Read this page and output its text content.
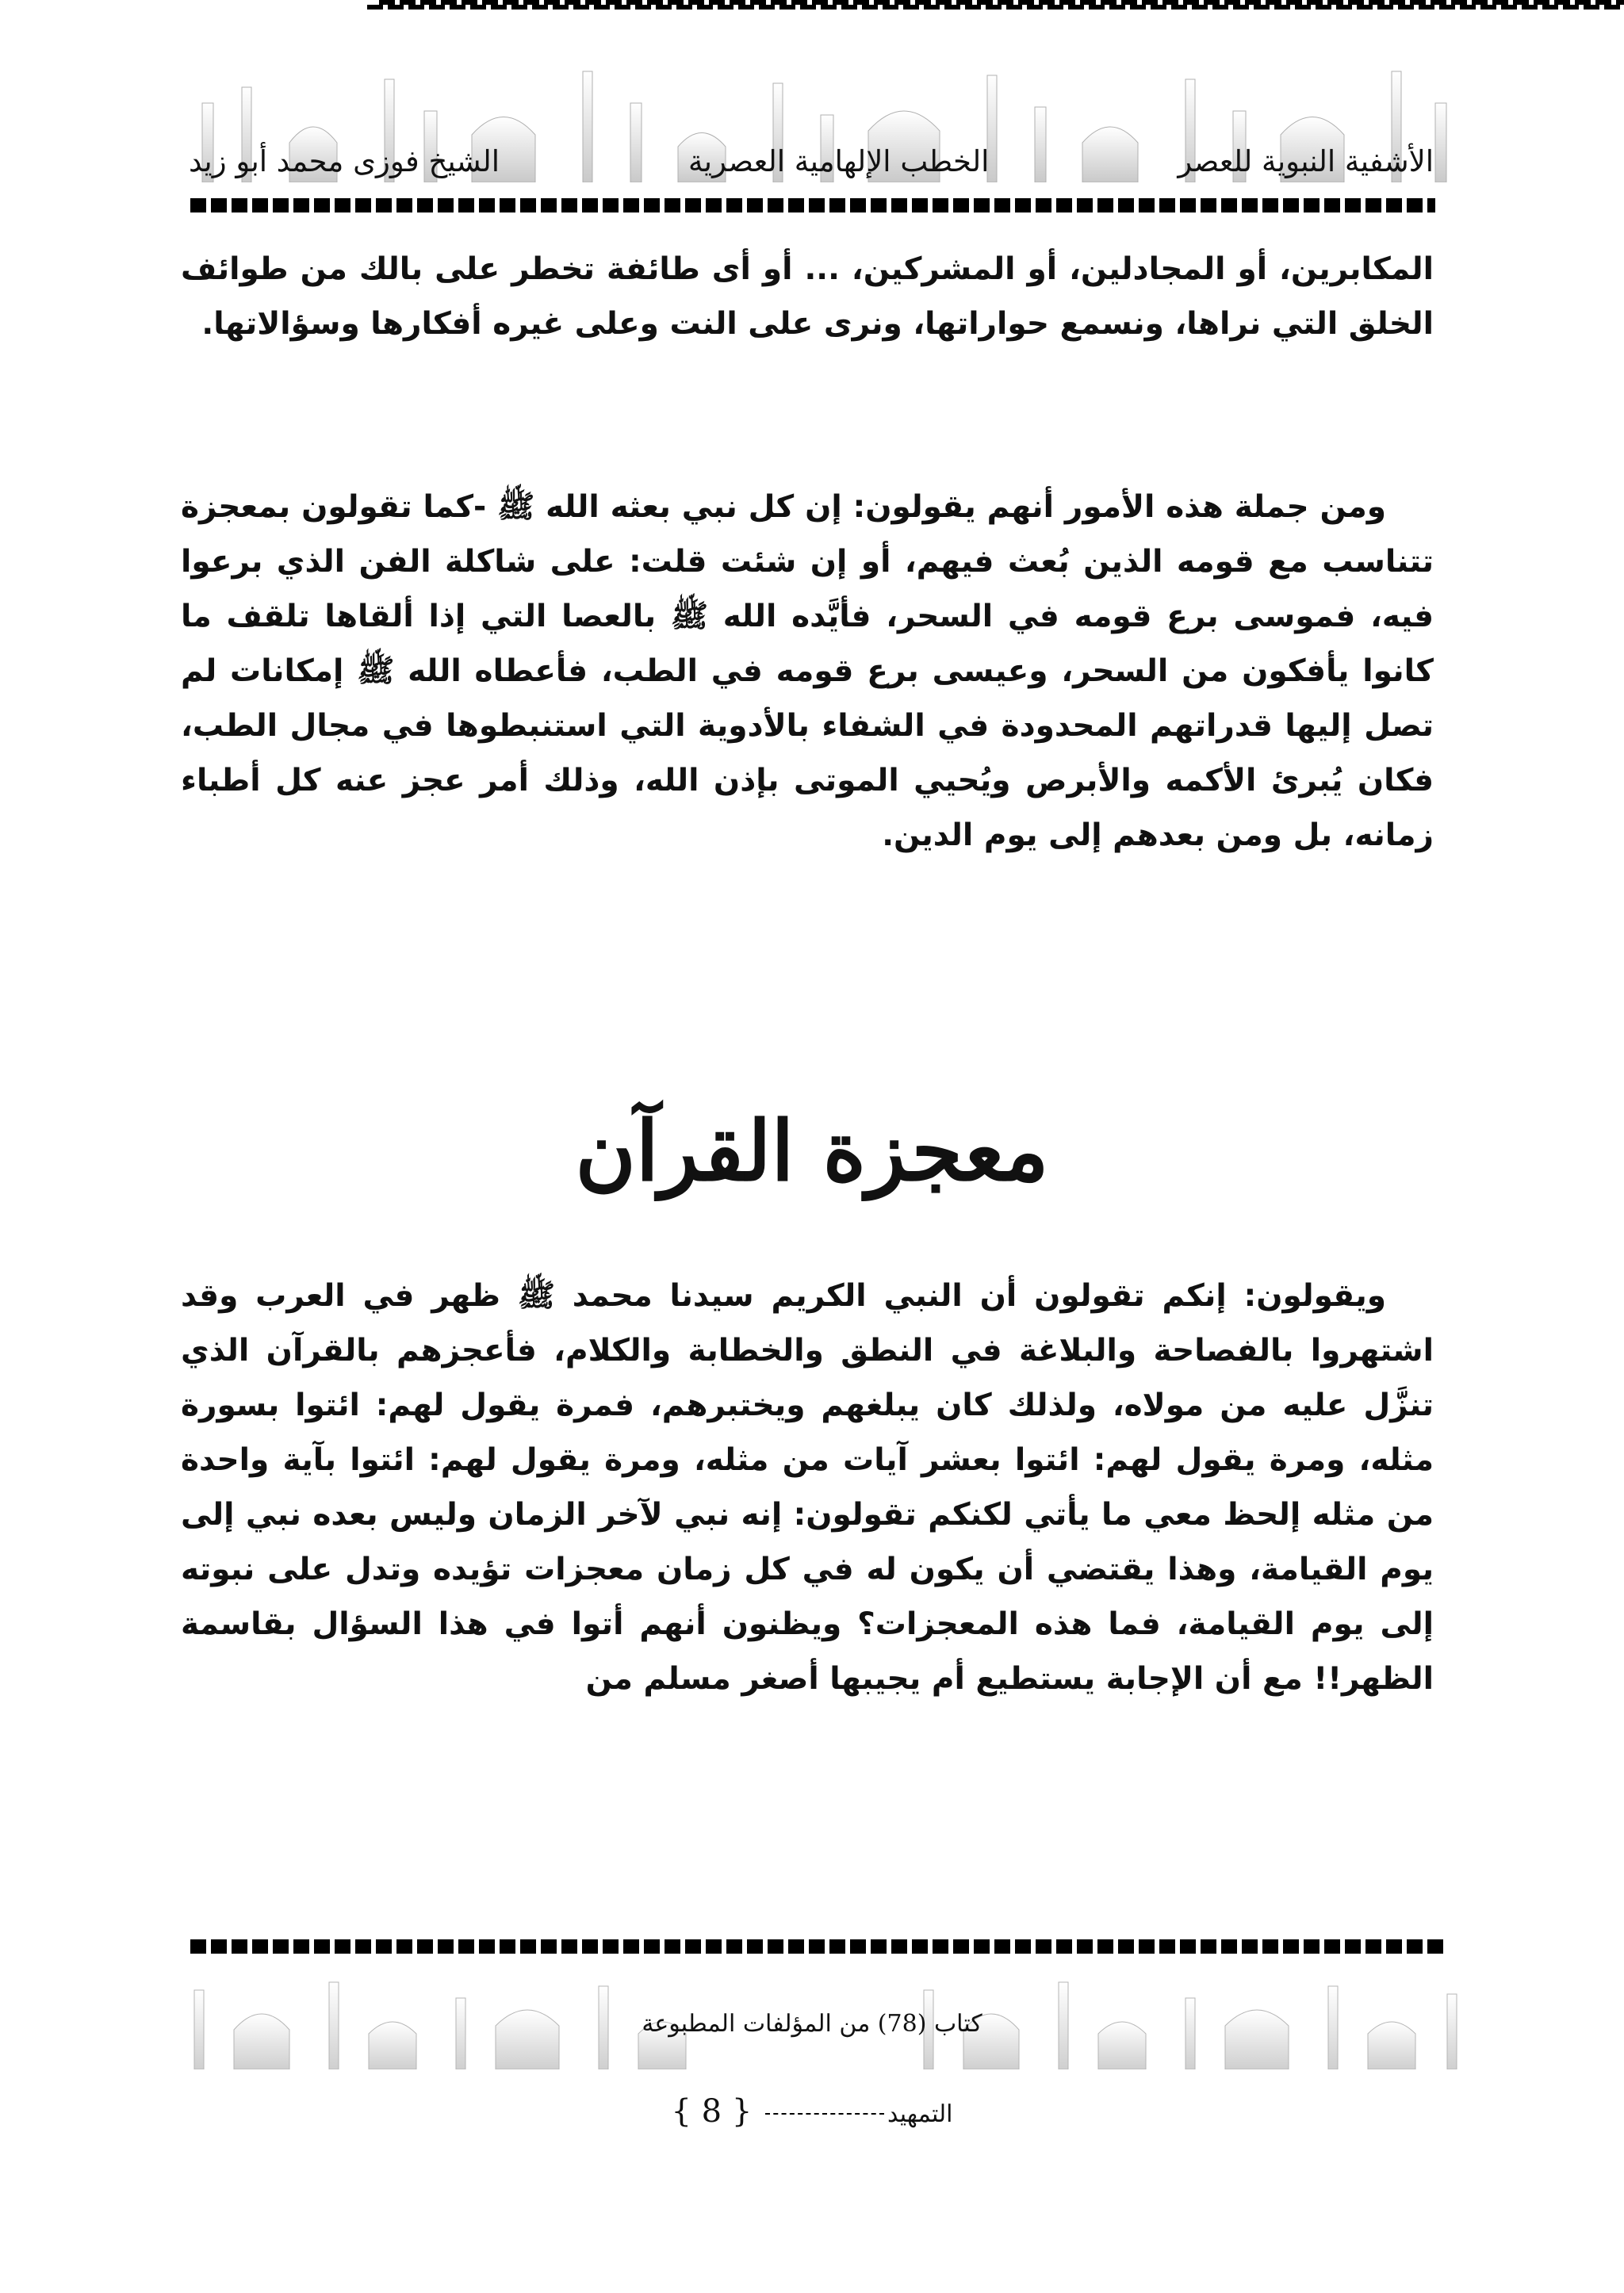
الأشفية النبوية للعصر
الخطب الإلهامية العصرية
الشيخ فوزى محمد أبو زيد

المكابرين، أو المجادلين، أو المشركين، ... أو أى طائفة تخطر على بالك من طوائف الخلق التي نراها، ونسمع حواراتها، ونرى على النت وعلى غيره أفكارها وسؤالاتها.

ومن جملة هذه الأمور أنهم يقولون: إن كل نبي بعثه الله ﷺ -كما تقولون بمعجزة تتناسب مع قومه الذين بُعث فيهم، أو إن شئت قلت: على شاكلة الفن الذي برعوا فيه، فموسى برع قومه في السحر، فأيَّده الله ﷺ بالعصا التي إذا ألقاها تلقف ما كانوا يأفكون من السحر، وعيسى برع قومه في الطب، فأعطاه الله ﷺ إمكانات لم تصل إليها قدراتهم المحدودة في الشفاء بالأدوية التي استنبطوها في مجال الطب، فكان يُبرئ الأكمه والأبرص ويُحيي الموتى بإذن الله، وذلك أمر عجز عنه كل أطباء زمانه، بل ومن بعدهم إلى يوم الدين.

معجزة القرآن

ويقولون: إنكم تقولون أن النبي الكريم سيدنا محمد ﷺ ظهر في العرب وقد اشتهروا بالفصاحة والبلاغة في النطق والخطابة والكلام، فأعجزهم بالقرآن الذي تنزَّل عليه من مولاه، ولذلك كان يبلغهم ويختبرهم، فمرة يقول لهم: ائتوا بسورة مثله، ومرة يقول لهم: ائتوا بعشر آيات من مثله، ومرة يقول لهم: ائتوا بآية واحدة من مثله إلحظ معي ما يأتي لكنكم تقولون: إنه نبي لآخر الزمان وليس بعده نبي إلى يوم القيامة، وهذا يقتضي أن يكون له في كل زمان معجزات تؤيده وتدل على نبوته إلى يوم القيامة، فما هذه المعجزات؟ ويظنون أنهم أتوا في هذا السؤال بقاسمة الظهر!! مع أن الإجابة يستطيع أم يجيبها أصغر مسلم من

كتاب (78) من المؤلفات المطبوعة
التمهيد { 8 }
